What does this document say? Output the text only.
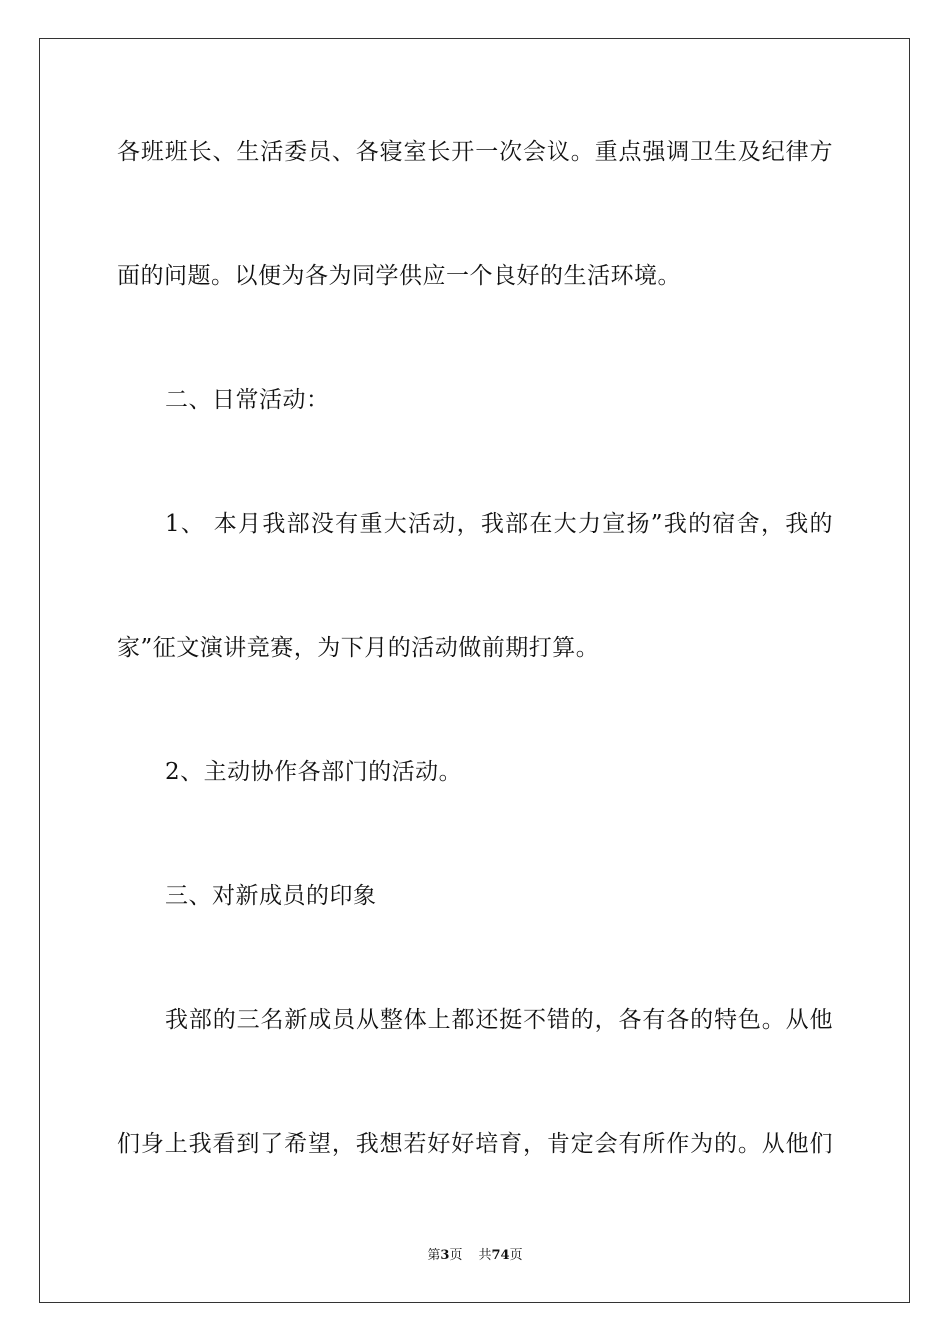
各班班长、生活委员、各寝室长开一次会议。重点强调卫生及纪律方
面的问题。以便为各为同学供应一个良好的生活环境。
二、日常活动：
1、 本月我部没有重大活动，我部在大力宣扬”我的宿舍，我的
家”征文演讲竞赛，为下月的活动做前期打算。
2、主动协作各部门的活动。
三、对新成员的印象
我部的三名新成员从整体上都还挺不错的，各有各的特色。从他
们身上我看到了希望，我想若好好培育，肯定会有所作为的。从他们
第3页 共74页
